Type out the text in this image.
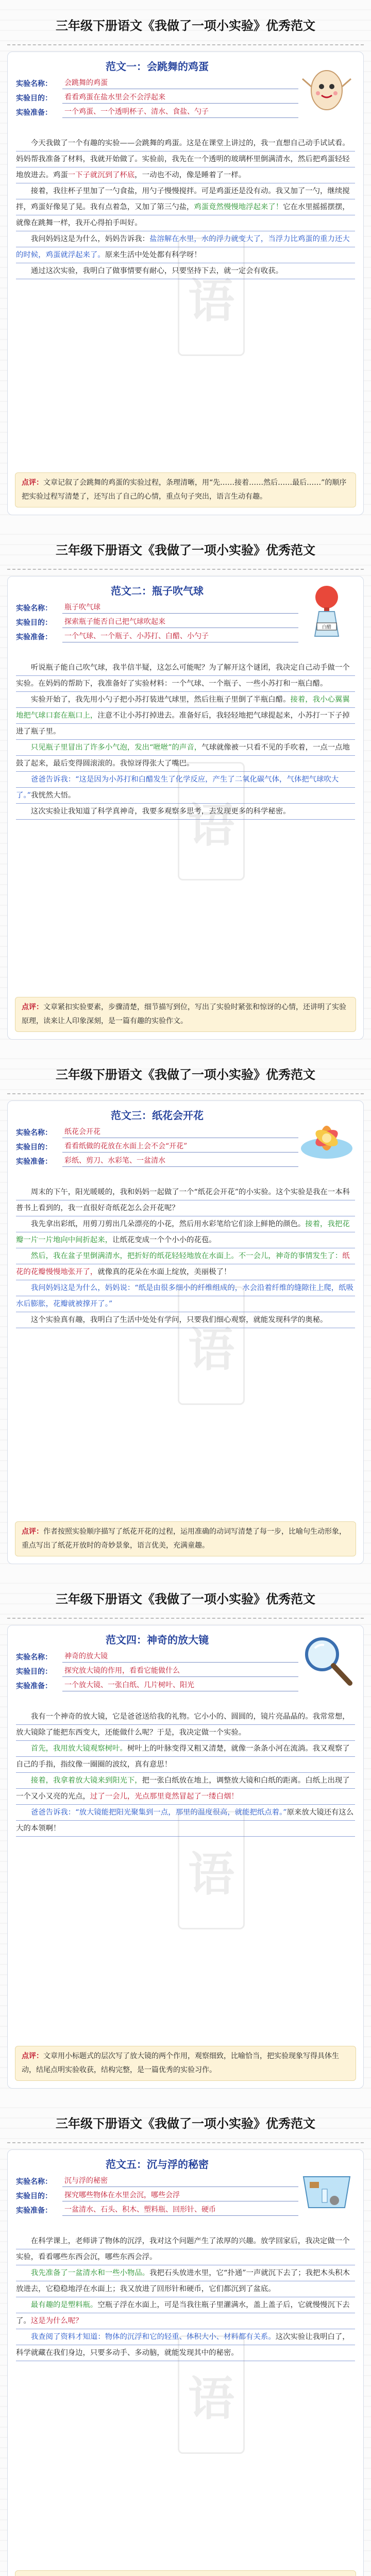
三年级下册语文《我做了一项小实验》优秀范文
范文一：会跳舞的鸡蛋
实验名称：	会跳舞的鸡蛋
实验目的：	看看鸡蛋在盐水里会不会浮起来
实验准备：	一个鸡蛋、一个透明杯子、清水、食盐、勺子

今天我做了一个有趣的实验——会跳舞的鸡蛋。这是在课堂上讲过的，我一直想自己动手试试看。妈妈帮我准备了材料，我就开始做了。实验前，我先在一个透明的玻璃杯里倒满清水，然后把鸡蛋轻轻地放进去。鸡蛋一下子就沉到了杯底，一动也不动，像是睡着了一样。

接着，我往杯子里加了一勺食盐，用勺子慢慢搅拌。可是鸡蛋还是没有动。我又加了一勺，继续搅拌，鸡蛋好像晃了晃。我有点着急，又加了第三勺盐，鸡蛋竟然慢慢地浮起来了！它在水里摇摇摆摆，就像在跳舞一样，我开心得拍手叫好。

我问妈妈这是为什么，妈妈告诉我：盐溶解在水里，水的浮力就变大了，当浮力比鸡蛋的重力还大的时候，鸡蛋就浮起来了。原来生活中处处都有科学呀！

通过这次实验，我明白了做事情要有耐心，只要坚持下去，就一定会有收获。

语
点评：文章记叙了会跳舞的鸡蛋的实验过程，条理清晰，用“先……接着……然后……最后……”的顺序把实验过程写清楚了，还写出了自己的心情，重点句子突出，语言生动有趣。
三年级下册语文《我做了一项小实验》优秀范文
范文二：瓶子吹气球
实验名称：	瓶子吹气球
实验目的：	探索瓶子能否自己把气球吹起来
实验准备：	一个气球、一个瓶子、小苏打、白醋、小勺子
白醋

听说瓶子能自己吹气球，我半信半疑，这怎么可能呢？为了解开这个谜团，我决定自己动手做一个实验。在妈妈的帮助下，我准备好了实验材料：一个气球、一个瓶子、一些小苏打和一瓶白醋。

实验开始了，我先用小勺子把小苏打装进气球里，然后往瓶子里倒了半瓶白醋。接着，我小心翼翼地把气球口套在瓶口上，注意不让小苏打掉进去。准备好后，我轻轻地把气球提起来，小苏打一下子掉进了瓶子里。

只见瓶子里冒出了许多小气泡，发出“咝咝”的声音，气球就像被一只看不见的手吹着，一点一点地鼓了起来，最后变得圆滚滚的。我惊讶得张大了嘴巴。

爸爸告诉我：“这是因为小苏打和白醋发生了化学反应，产生了二氧化碳气体，气体把气球吹大了。”我恍然大悟。

这次实验让我知道了科学真神奇，我要多观察多思考，去发现更多的科学秘密。

语
点评：文章紧扣实验要素，步骤清楚，细节描写到位，写出了实验时紧张和惊讶的心情，还讲明了实验原理，读来让人印象深刻，是一篇有趣的实验作文。
三年级下册语文《我做了一项小实验》优秀范文
范文三：纸花会开花
实验名称：	纸花会开花
实验目的：	看看纸做的花放在水面上会不会“开花”
实验准备：	彩纸、剪刀、水彩笔、一盆清水

周末的下午，阳光暖暖的，我和妈妈一起做了一个“纸花会开花”的小实验。这个实验是我在一本科普书上看到的，我一直很好奇纸花怎么会开花呢？

我先拿出彩纸，用剪刀剪出几朵漂亮的小花，然后用水彩笔给它们涂上鲜艳的颜色。接着，我把花瓣一片一片地向中间折起来，让纸花变成一个个小小的花苞。

然后，我在盆子里倒满清水，把折好的纸花轻轻地放在水面上。不一会儿，神奇的事情发生了：纸花的花瓣慢慢地张开了，就像真的花朵在水面上绽放，美丽极了！

我问妈妈这是为什么，妈妈说：“纸是由很多细小的纤维组成的，水会沿着纤维的缝隙往上爬，纸吸水后膨胀，花瓣就被撑开了。”

这个实验真有趣，我明白了生活中处处有学问，只要我们细心观察，就能发现科学的奥秘。

语
点评：作者按照实验顺序描写了纸花开花的过程，运用准确的动词写清楚了每一步，比喻句生动形象，重点写出了纸花开放时的奇妙景象，语言优美，充满童趣。
三年级下册语文《我做了一项小实验》优秀范文
范文四：神奇的放大镜
实验名称：	神奇的放大镜
实验目的：	探究放大镜的作用，看看它能做什么
实验准备：	一个放大镜、一张白纸、几片树叶、阳光

我有一个神奇的放大镜，它是爸爸送给我的礼物。它小小的、圆圆的，镜片亮晶晶的。我常常想，放大镜除了能把东西变大，还能做什么呢？于是，我决定做一个实验。

首先，我用放大镜观察树叶。树叶上的叶脉变得又粗又清楚，就像一条条小河在流淌。我又观察了自己的手指，指纹像一圈圈的波纹，真有意思！

接着，我拿着放大镜来到阳光下，把一张白纸放在地上，调整放大镜和白纸的距离。白纸上出现了一个又小又亮的光点，过了一会儿，光点那里竟然冒起了一缕白烟！

爸爸告诉我：“放大镜能把阳光聚集到一点，那里的温度很高，就能把纸点着。”原来放大镜还有这么大的本领啊！

语
点评：文章用小标题式的层次写了放大镜的两个作用，观察细致，比喻恰当，把实验现象写得具体生动，结尾点明实验收获，结构完整，是一篇优秀的实验习作。
三年级下册语文《我做了一项小实验》优秀范文
范文五：沉与浮的秘密
实验名称：	沉与浮的秘密
实验目的：	探究哪些物体在水里会沉，哪些会浮
实验准备：	一盆清水、石头、积木、塑料瓶、回形针、硬币

在科学课上，老师讲了物体的沉浮，我对这个问题产生了浓厚的兴趣。放学回家后，我决定做一个实验，看看哪些东西会沉，哪些东西会浮。

我先准备了一盆清水和一些小物品。我把石头放进水里，它“扑通”一声就沉下去了；我把木头积木放进去，它稳稳地浮在水面上；我又放进了回形针和硬币，它们都沉到了盆底。

最有趣的是塑料瓶。空瓶子浮在水面上，可是当我往瓶子里灌满水，盖上盖子后，它就慢慢沉下去了。这是为什么呢？

我查阅了资料才知道：物体的沉浮和它的轻重、体积大小、材料都有关系。这次实验让我明白了，科学就藏在我们身边，只要多动手、多动脑，就能发现其中的秘密。

语
